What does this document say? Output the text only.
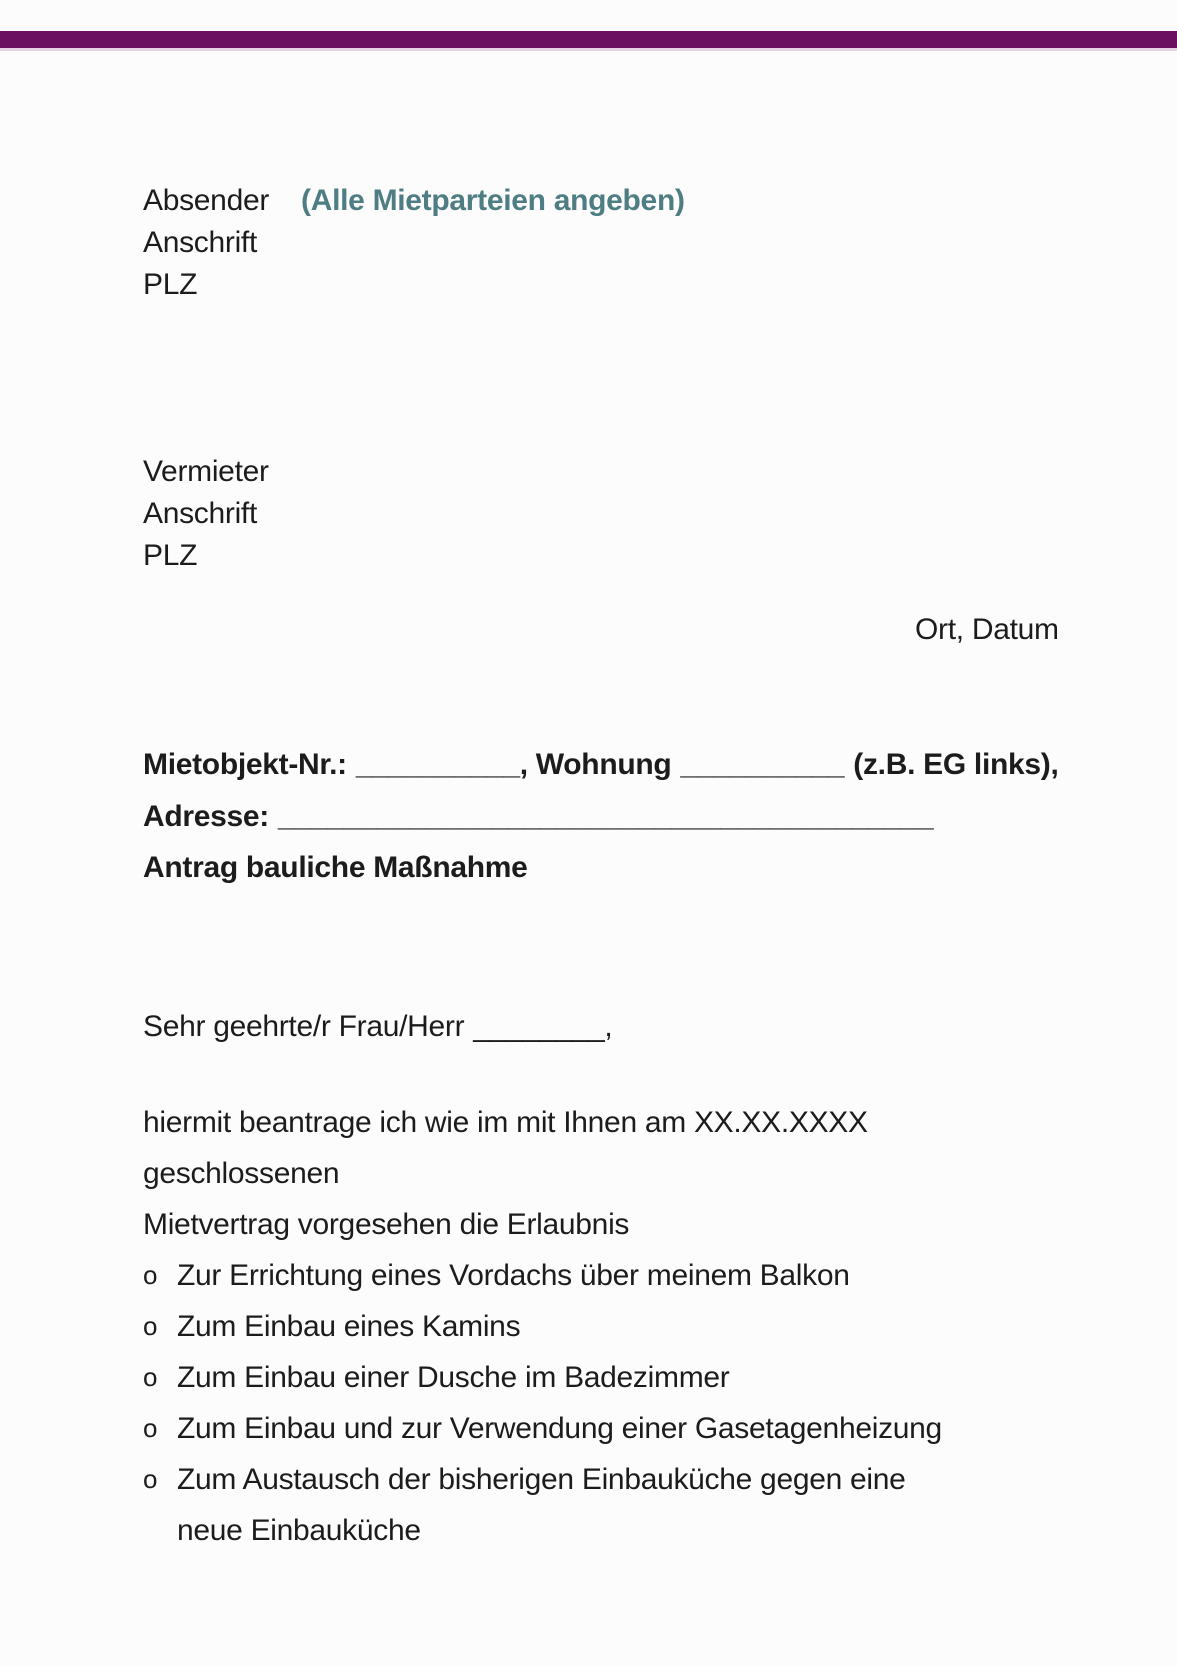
Absender (Alle Mietparteien angeben)
Anschrift
PLZ
Vermieter
Anschrift
PLZ
Ort, Datum
Mietobjekt-Nr.: __________, Wohnung __________ (z.B. EG links),
Adresse: ________________________________________
Antrag bauliche Maßnahme
Sehr geehrte/r Frau/Herr ________,

hiermit beantrage ich wie im mit Ihnen am XX.XX.XXXX geschlossenen
Mietvertrag vorgesehen die Erlaubnis

o Zur Errichtung eines Vordachs über meinem Balkon
o Zum Einbau eines Kamins
o Zum Einbau einer Dusche im Badezimmer
o Zum Einbau und zur Verwendung einer Gasetagenheizung
o Zum Austausch der bisherigen Einbauküche gegen eine neue Einbauküche
